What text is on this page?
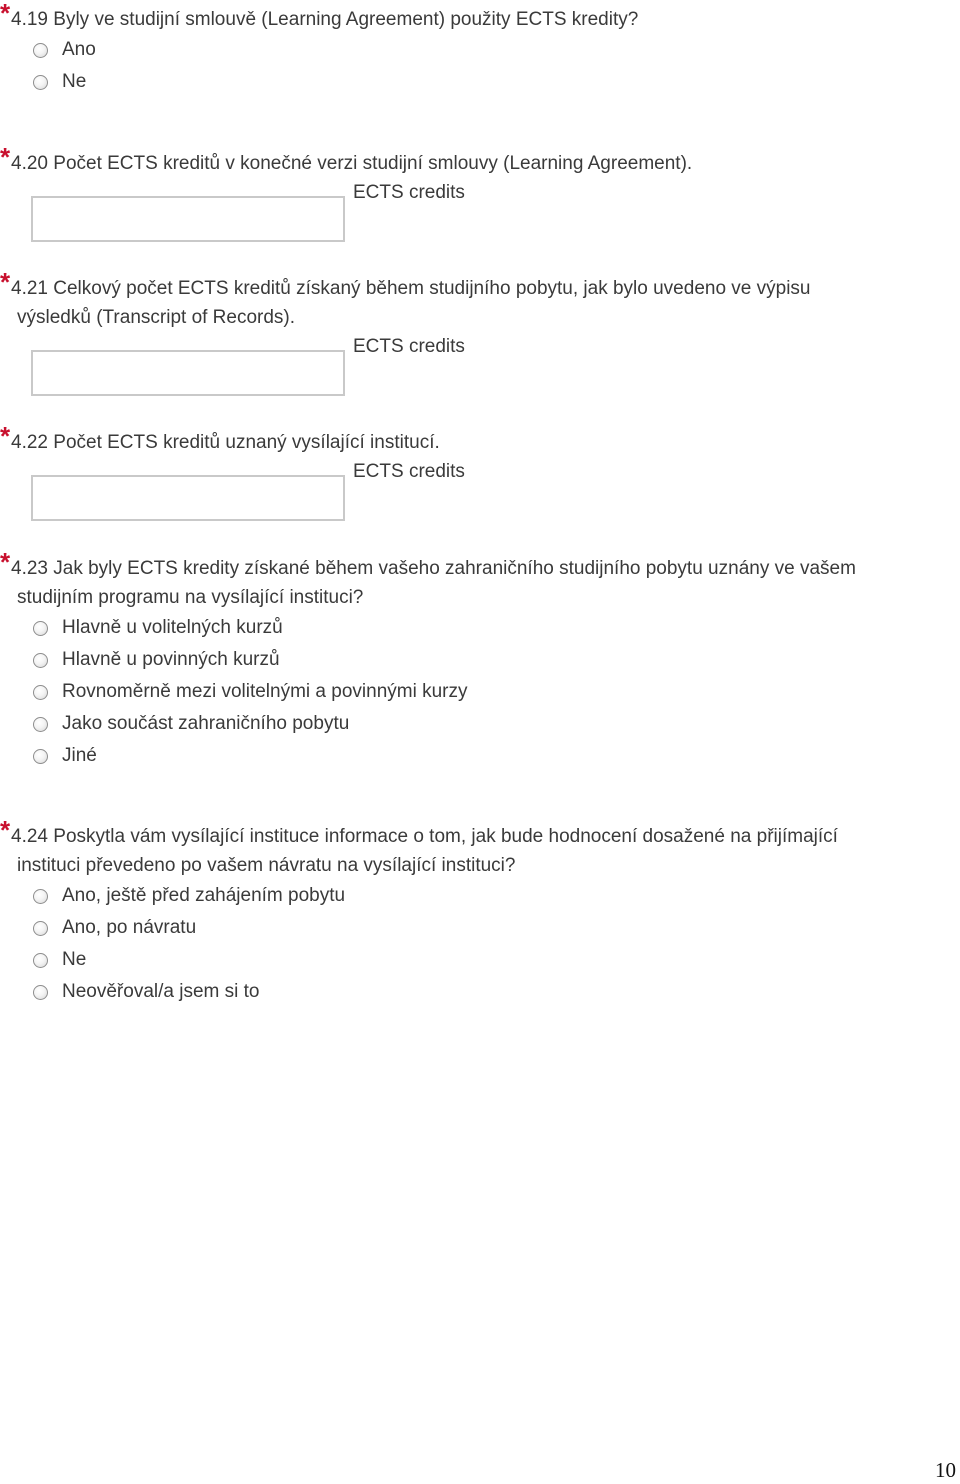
* 4.19 Byly ve studijní smlouvě (Learning Agreement) použity ECTS kredity?

Ano
Ne

* 4.20 Počet ECTS kreditů v konečné verzi studijní smlouvy (Learning Agreement).

ECTS credits

* 4.21 Celkový počet ECTS kreditů získaný během studijního pobytu, jak bylo uvedeno ve výpisu
výsledků (Transcript of Records).

ECTS credits

* 4.22 Počet ECTS kreditů uznaný vysílající institucí.

ECTS credits

* 4.23 Jak byly ECTS kredity získané během vašeho zahraničního studijního pobytu uznány ve vašem
studijním programu na vysílající instituci?

Hlavně u volitelných kurzů
Hlavně u povinných kurzů
Rovnoměrně mezi volitelnými a povinnými kurzy
Jako součást zahraničního pobytu
Jiné

* 4.24 Poskytla vám vysílající instituce informace o tom, jak bude hodnocení dosažené na přijímající
instituci převedeno po vašem návratu na vysílající instituci?

Ano, ještě před zahájením pobytu
Ano, po návratu
Ne
Neověřoval/a jsem si to
10
